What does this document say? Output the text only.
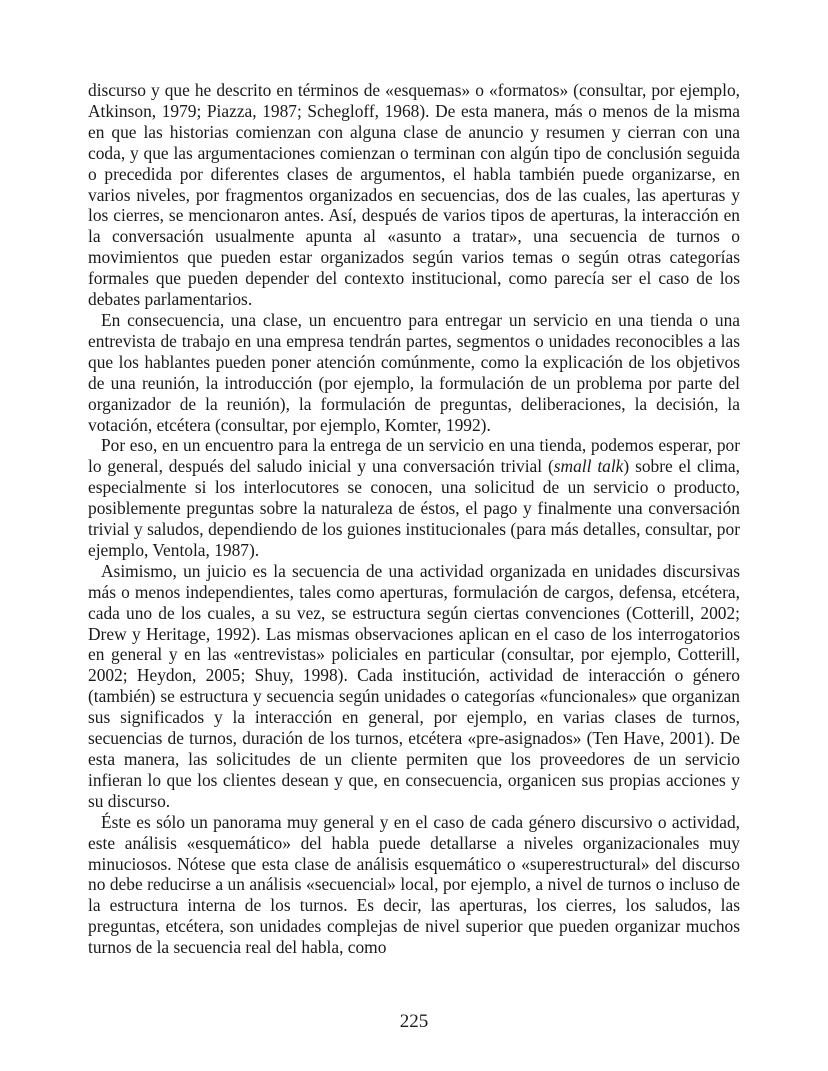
discurso y que he descrito en términos de «esquemas» o «formatos» (consultar, por ejemplo, Atkinson, 1979; Piazza, 1987; Schegloff, 1968). De esta manera, más o menos de la misma en que las historias comienzan con alguna clase de anuncio y resumen y cierran con una coda, y que las argumentaciones comienzan o terminan con algún tipo de conclusión seguida o precedida por diferentes clases de argumentos, el habla también puede organizarse, en varios niveles, por fragmentos organizados en secuencias, dos de las cuales, las aperturas y los cierres, se mencionaron antes. Así, después de varios tipos de aperturas, la interacción en la conversación usualmente apunta al «asunto a tratar», una secuencia de turnos o movimientos que pueden estar organizados según varios temas o según otras categorías formales que pueden depender del contexto institucional, como parecía ser el caso de los debates parlamentarios.

En consecuencia, una clase, un encuentro para entregar un servicio en una tienda o una entrevista de trabajo en una empresa tendrán partes, segmentos o unidades reconocibles a las que los hablantes pueden poner atención comúnmente, como la explicación de los objetivos de una reunión, la introducción (por ejemplo, la formulación de un problema por parte del organizador de la reunión), la formulación de preguntas, deliberaciones, la decisión, la votación, etcétera (consultar, por ejemplo, Komter, 1992).

Por eso, en un encuentro para la entrega de un servicio en una tienda, podemos esperar, por lo general, después del saludo inicial y una conversación trivial (small talk) sobre el clima, especialmente si los interlocutores se conocen, una solicitud de un servicio o producto, posiblemente preguntas sobre la naturaleza de éstos, el pago y finalmente una conversación trivial y saludos, dependiendo de los guiones institucionales (para más detalles, consultar, por ejemplo, Ventola, 1987).

Asimismo, un juicio es la secuencia de una actividad organizada en unidades discursivas más o menos independientes, tales como aperturas, formulación de cargos, defensa, etcétera, cada uno de los cuales, a su vez, se estructura según ciertas convenciones (Cotterill, 2002; Drew y Heritage, 1992). Las mismas observaciones aplican en el caso de los interrogatorios en general y en las «entrevistas» policiales en particular (consultar, por ejemplo, Cotterill, 2002; Heydon, 2005; Shuy, 1998). Cada institución, actividad de interacción o género (también) se estructura y secuencia según unidades o categorías «funcionales» que organizan sus significados y la interacción en general, por ejemplo, en varias clases de turnos, secuencias de turnos, duración de los turnos, etcétera «pre-asignados» (Ten Have, 2001). De esta manera, las solicitudes de un cliente permiten que los proveedores de un servicio infieran lo que los clientes desean y que, en consecuencia, organicen sus propias acciones y su discurso.

Éste es sólo un panorama muy general y en el caso de cada género discursivo o actividad, este análisis «esquemático» del habla puede detallarse a niveles organizacionales muy minuciosos. Nótese que esta clase de análisis esquemático o «superestructural» del discurso no debe reducirse a un análisis «secuencial» local, por ejemplo, a nivel de turnos o incluso de la estructura interna de los turnos. Es decir, las aperturas, los cierres, los saludos, las preguntas, etcétera, son unidades complejas de nivel superior que pueden organizar muchos turnos de la secuencia real del habla, como

225
